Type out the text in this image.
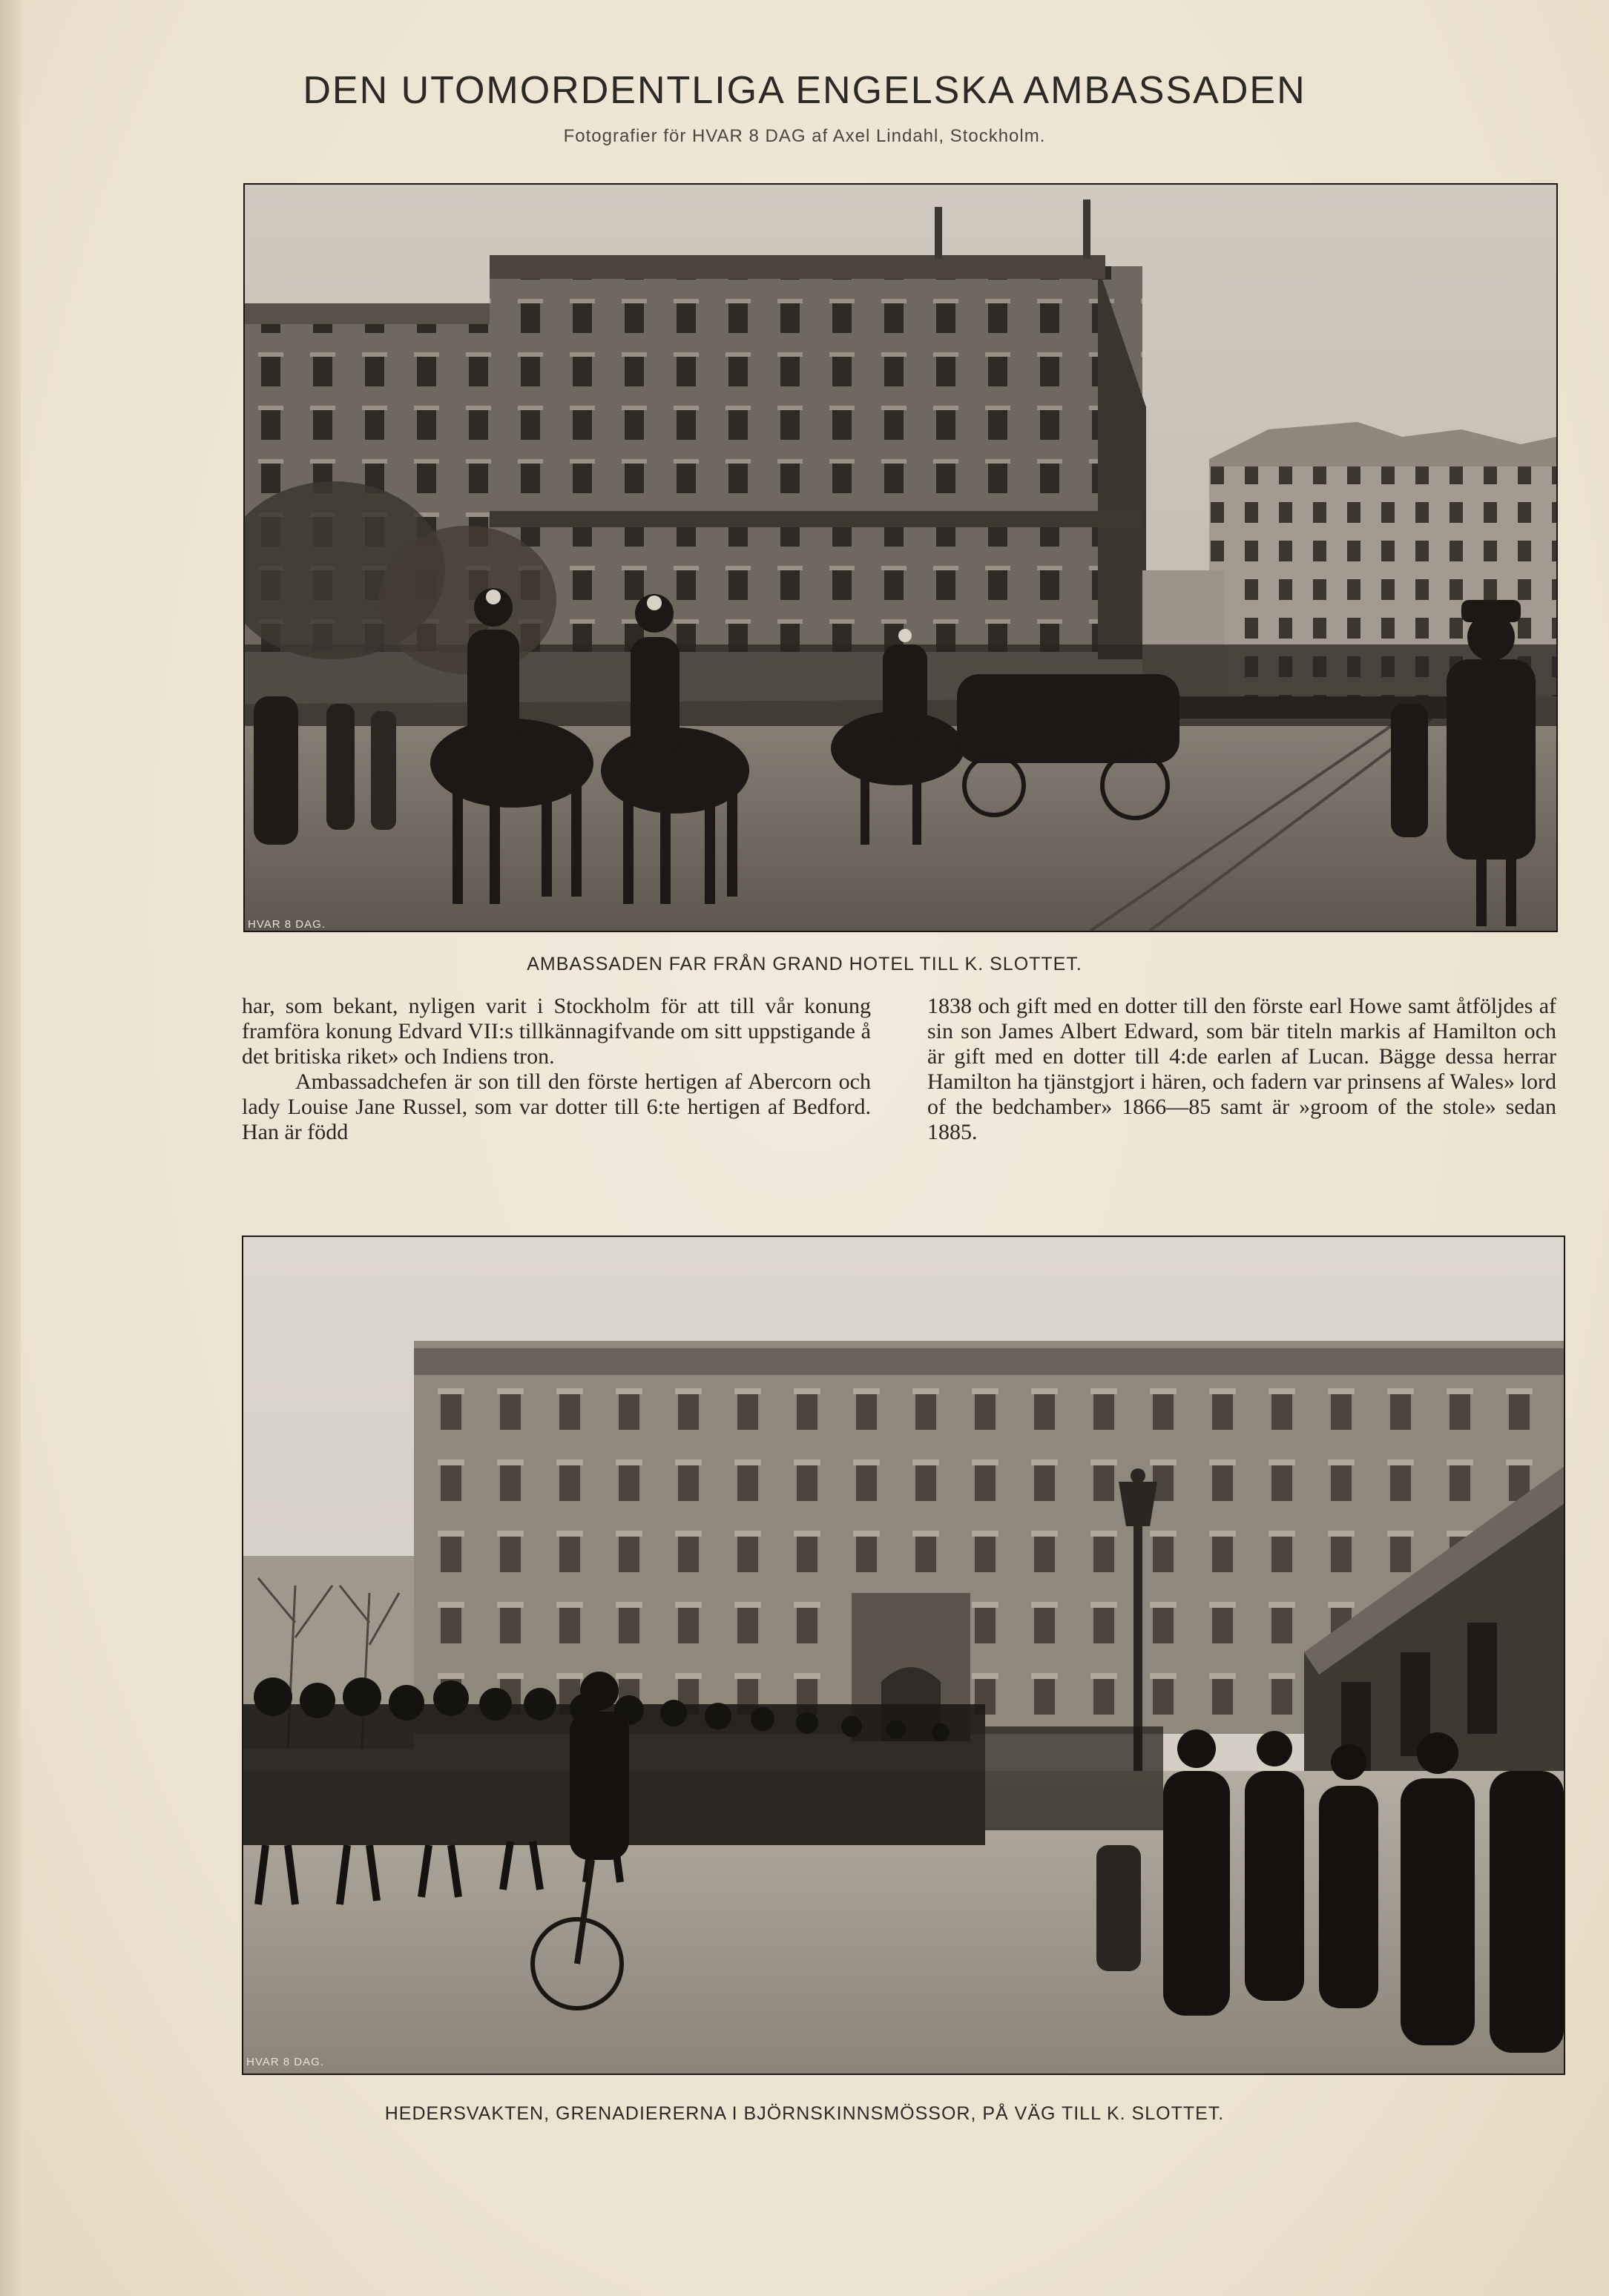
DEN UTOMORDENTLIGA ENGELSKA AMBASSADEN

Fotografier för HVAR 8 DAG af Axel Lindahl, Stockholm.

HVAR 8 DAG.

AMBASSADEN FAR FRÅN GRAND HOTEL TILL K. SLOTTET.

har, som bekant, nyligen varit i Stockholm för att till vår konung framföra konung Edvard VII:s tillkännagifvande om sitt uppstigande å det britiska riket» och Indiens tron.

Ambassadchefen är son till den förste hertigen af Abercorn och lady Louise Jane Russel, som var dotter till 6:te hertigen af Bedford. Han är född

1838 och gift med en dotter till den förste earl Howe samt åtföljdes af sin son James Albert Edward, som bär titeln markis af Hamilton och är gift med en dotter till 4:de earlen af Lucan. Bägge dessa herrar Hamilton ha tjänstgjort i hären, och fadern var prinsens af Wales» lord of the bedchamber» 1866—85 samt är »groom of the stole» sedan 1885.

HVAR 8 DAG.

HEDERSVAKTEN, GRENADIERERNA I BJÖRNSKINNSMÖSSOR, PÅ VÄG TILL K. SLOTTET.
